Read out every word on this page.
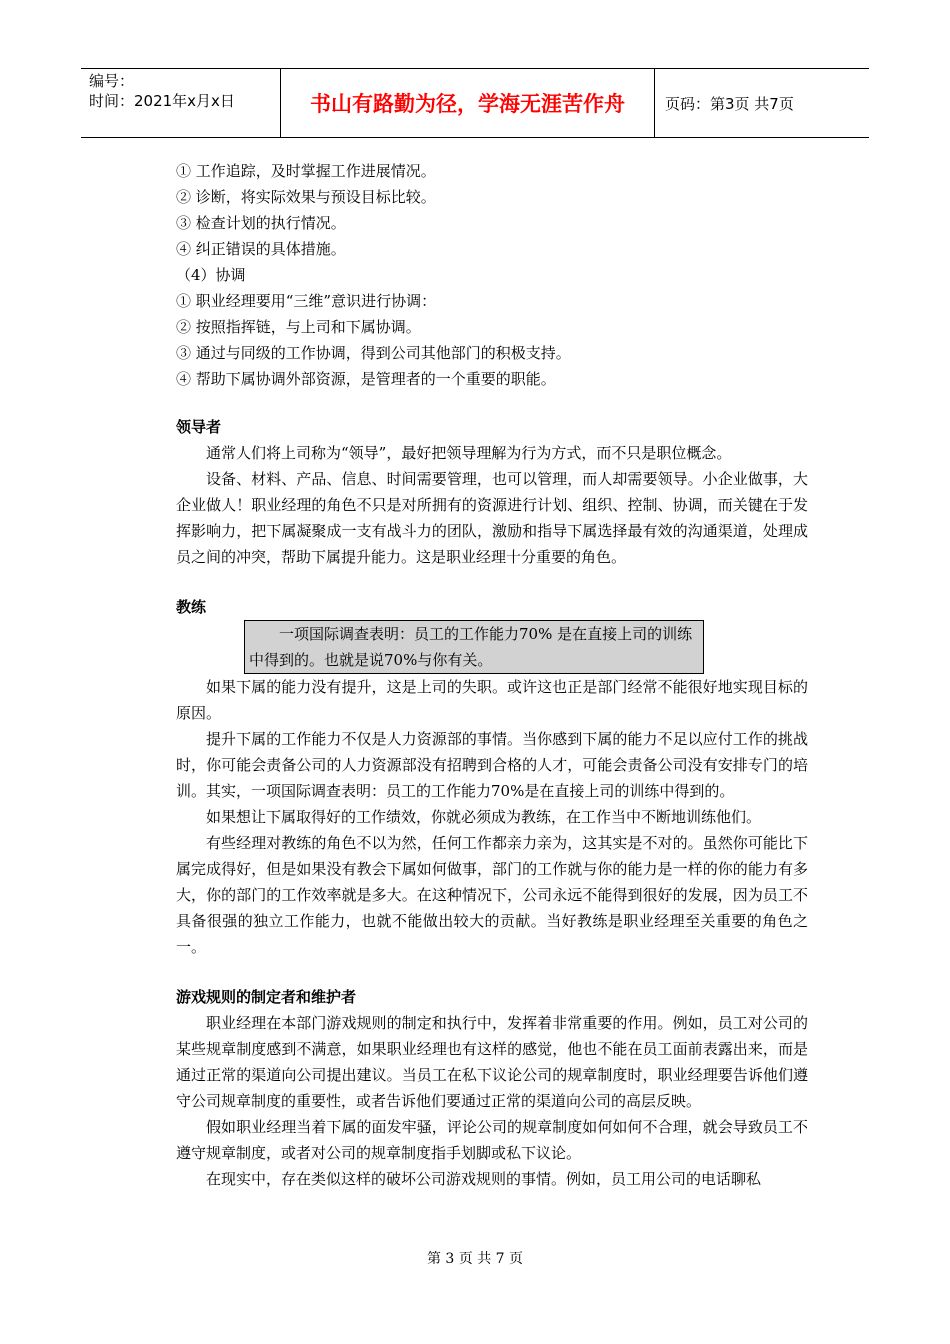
编号：
时间：2021年x月x日	书山有路勤为径，学海无涯苦作舟	页码：第3页 共7页
① 工作追踪，及时掌握工作进展情况。
② 诊断，将实际效果与预设目标比较。
③ 检查计划的执行情况。
④ 纠正错误的具体措施。
（4）协调
① 职业经理要用“三维”意识进行协调：
② 按照指挥链，与上司和下属协调。
③ 通过与同级的工作协调，得到公司其他部门的积极支持。
④ 帮助下属协调外部资源，是管理者的一个重要的职能。
领导者

通常人们将上司称为“领导”，最好把领导理解为行为方式，而不只是职位概念。

设备、材料、产品、信息、时间需要管理，也可以管理，而人却需要领导。小企业做事，大企业做人！职业经理的角色不只是对所拥有的资源进行计划、组织、控制、协调，而关键在于发挥影响力，把下属凝聚成一支有战斗力的团队，激励和指导下属选择最有效的沟通渠道，处理成员之间的冲突，帮助下属提升能力。这是职业经理十分重要的角色。

教练

一项国际调查表明：员工的工作能力70% 是在直接上司的训练中得到的。也就是说70%与你有关。

如果下属的能力没有提升，这是上司的失职。或许这也正是部门经常不能很好地实现目标的原因。

提升下属的工作能力不仅是人力资源部的事情。当你感到下属的能力不足以应付工作的挑战时，你可能会责备公司的人力资源部没有招聘到合格的人才，可能会责备公司没有安排专门的培训。其实，一项国际调查表明：员工的工作能力70%是在直接上司的训练中得到的。

如果想让下属取得好的工作绩效，你就必须成为教练，在工作当中不断地训练他们。

有些经理对教练的角色不以为然，任何工作都亲力亲为，这其实是不对的。虽然你可能比下属完成得好，但是如果没有教会下属如何做事，部门的工作就与你的能力是一样的你的能力有多大，你的部门的工作效率就是多大。在这种情况下，公司永远不能得到很好的发展，因为员工不具备很强的独立工作能力，也就不能做出较大的贡献。当好教练是职业经理至关重要的角色之一。

游戏规则的制定者和维护者

职业经理在本部门游戏规则的制定和执行中，发挥着非常重要的作用。例如，员工对公司的某些规章制度感到不满意，如果职业经理也有这样的感觉，他也不能在员工面前表露出来，而是通过正常的渠道向公司提出建议。当员工在私下议论公司的规章制度时，职业经理要告诉他们遵守公司规章制度的重要性，或者告诉他们要通过正常的渠道向公司的高层反映。

假如职业经理当着下属的面发牢骚，评论公司的规章制度如何如何不合理，就会导致员工不遵守规章制度，或者对公司的规章制度指手划脚或私下议论。

在现实中，存在类似这样的破坏公司游戏规则的事情。例如，员工用公司的电话聊私

第 3 页 共 7 页
